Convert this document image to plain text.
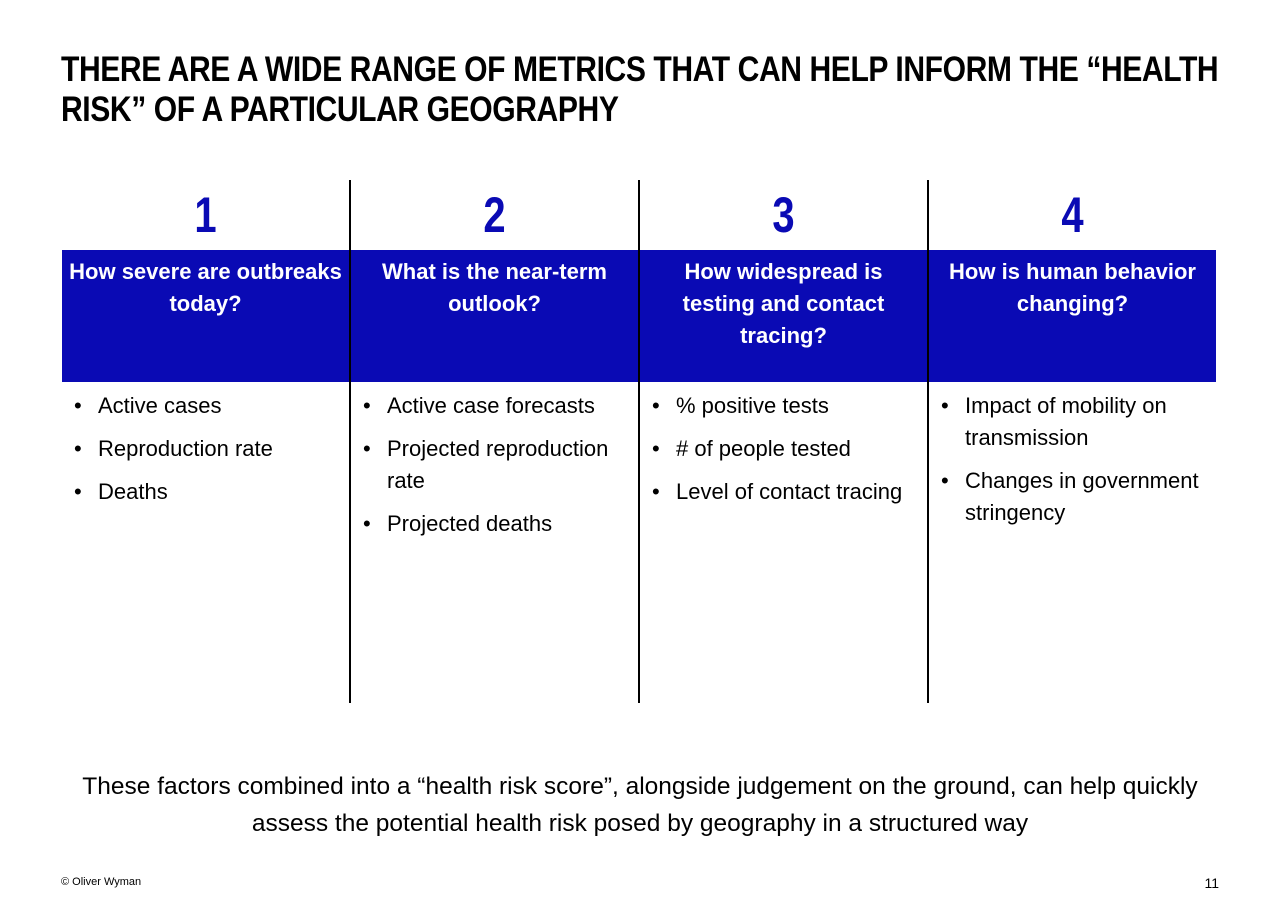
THERE ARE A WIDE RANGE OF METRICS THAT CAN HELP INFORM THE “HEALTH RISK” OF A PARTICULAR GEOGRAPHY
1
How severe are outbreaks today?
• Active cases
• Reproduction rate
• Deaths
2
What is the near-term outlook?
• Active case forecasts
• Projected reproduction rate
• Projected deaths
3
How widespread is testing and contact tracing?
• % positive tests
• # of people tested
• Level of contact tracing
4
How is human behavior changing?
• Impact of mobility on transmission
• Changes in government stringency

These factors combined into a “health risk score”, alongside judgement on the ground, can help quickly assess the potential health risk posed by geography in a structured way

© Oliver Wyman	11
